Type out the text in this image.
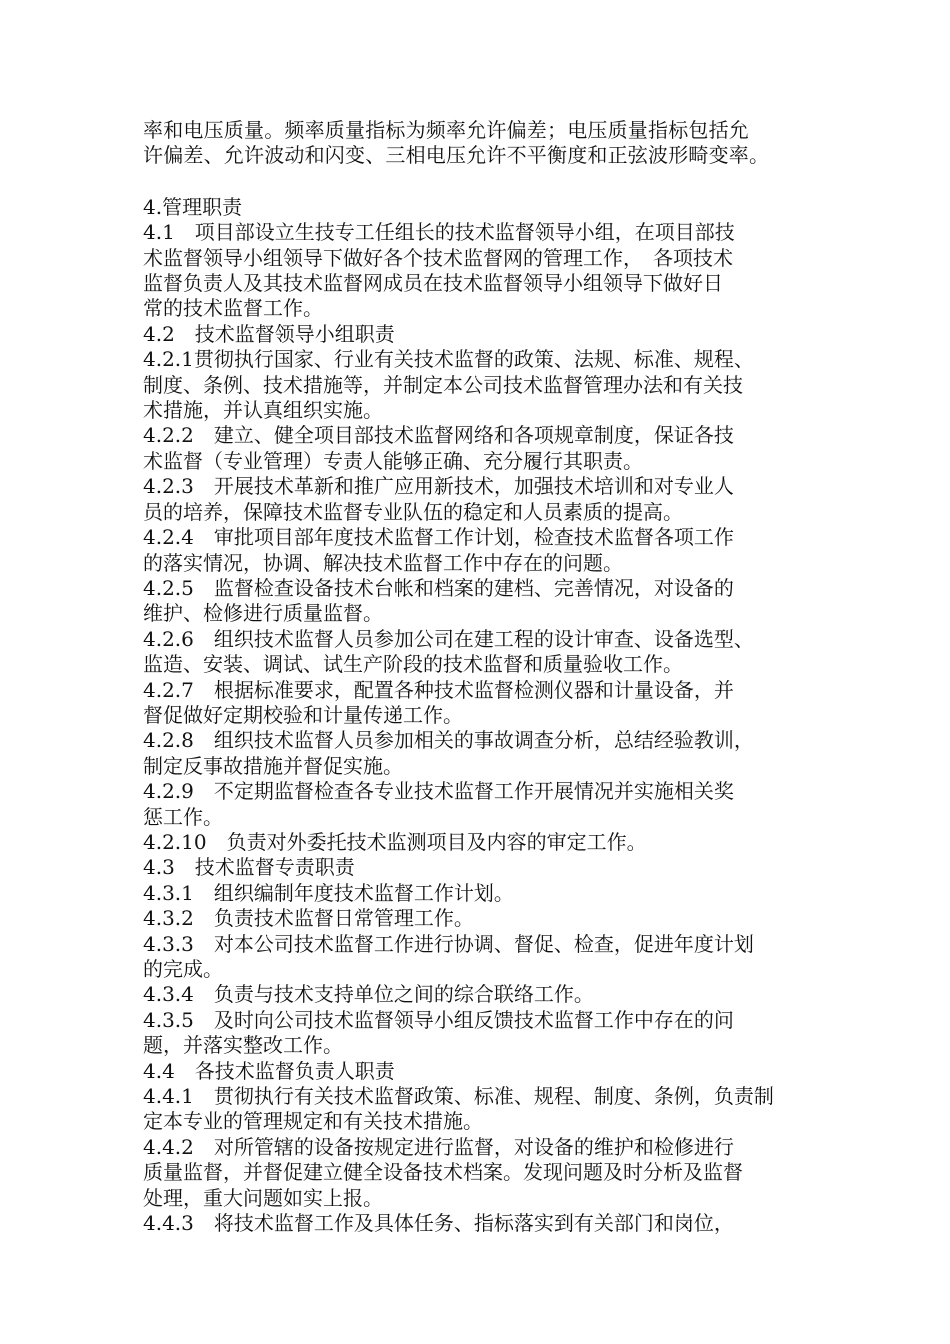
率和电压质量。频率质量指标为频率允许偏差；电压质量指标包括允

许偏差、允许波动和闪变、三相电压允许不平衡度和正弦波形畸变率。

4.管理职责

4.1　项目部设立生技专工任组长的技术监督领导小组，在项目部技

术监督领导小组领导下做好各个技术监督网的管理工作，　各项技术

监督负责人及其技术监督网成员在技术监督领导小组领导下做好日

常的技术监督工作。

4.2　技术监督领导小组职责

4.2.1贯彻执行国家、行业有关技术监督的政策、法规、标准、规程、

制度、条例、技术措施等，并制定本公司技术监督管理办法和有关技

术措施，并认真组织实施。

4.2.2　建立、健全项目部技术监督网络和各项规章制度，保证各技

术监督（专业管理）专责人能够正确、充分履行其职责。

4.2.3　开展技术革新和推广应用新技术，加强技术培训和对专业人

员的培养，保障技术监督专业队伍的稳定和人员素质的提高。

4.2.4　审批项目部年度技术监督工作计划，检查技术监督各项工作

的落实情况，协调、解决技术监督工作中存在的问题。

4.2.5　监督检查设备技术台帐和档案的建档、完善情况，对设备的

维护、检修进行质量监督。

4.2.6　组织技术监督人员参加公司在建工程的设计审查、设备选型、

监造、安装、调试、试生产阶段的技术监督和质量验收工作。

4.2.7　根据标准要求，配置各种技术监督检测仪器和计量设备，并

督促做好定期校验和计量传递工作。

4.2.8　组织技术监督人员参加相关的事故调查分析，总结经验教训，

制定反事故措施并督促实施。

4.2.9　不定期监督检查各专业技术监督工作开展情况并实施相关奖

惩工作。

4.2.10　负责对外委托技术监测项目及内容的审定工作。

4.3　技术监督专责职责

4.3.1　组织编制年度技术监督工作计划。

4.3.2　负责技术监督日常管理工作。

4.3.3　对本公司技术监督工作进行协调、督促、检查，促进年度计划

的完成。

4.3.4　负责与技术支持单位之间的综合联络工作。

4.3.5　及时向公司技术监督领导小组反馈技术监督工作中存在的问

题，并落实整改工作。

4.4　各技术监督负责人职责

4.4.1　贯彻执行有关技术监督政策、标准、规程、制度、条例，负责制

定本专业的管理规定和有关技术措施。

4.4.2　对所管辖的设备按规定进行监督，对设备的维护和检修进行

质量监督，并督促建立健全设备技术档案。发现问题及时分析及监督

处理，重大问题如实上报。

4.4.3　将技术监督工作及具体任务、指标落实到有关部门和岗位，
